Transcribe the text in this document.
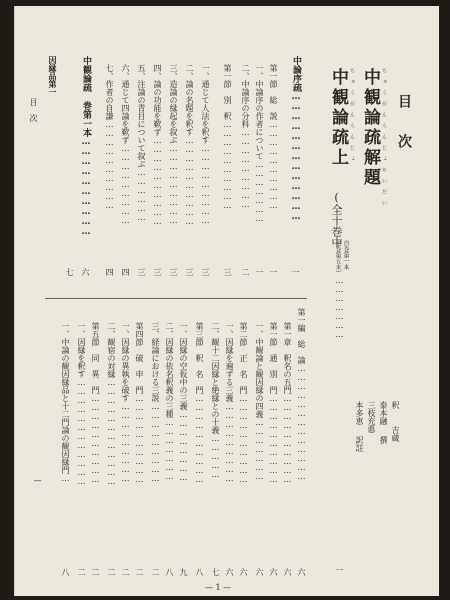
目次
中観論疏解題 ちゅうがんろんじょかいだい
中観論疏上 ちゅうがんろんじょ
(全十巻中
自巻第一本
至巻第五末）
…………………
一
泰本融
三枝充悳
本多恵	釈
吉蔵
撰
訳註
中論序疏…………………………………
第一節　総　説…………………………
一、中論序の作者について…………………
二、中論序の分科………………………
第一節　別　釈…………………………
一、通じて人法を釈す………………………
二、論の名題を釈す…………………………
三、造論の縁起を叙ぶ………………………
四、論の功能を歎ず…………………………
五、注論の青目について叙ぶ………………
六、通じて四論を歎ず………………………
七、作者の自謙…………………………
中観論疏　巻第一本…………………………
因縁品第一
一
一
一
二
三
三
三
三
三
三
四
四
六
七
目次
第一編　総　論…………………………………
第一章　釈名の五門…………………………
第一節　通　別　門…………………………
一、中観論と観因縁の四義…………………
第二節　正　名　門…………………………
一、因縁を遍ずる三義………………………
二、観十二因縁と絶縁との十義……………
第三節　釈　名　門…………………………
一、因縁の空仮中の三義……………………
二、因縁の依名釈義の三種…………………
三、経論における三説………………………
第四節　破　申　門…………………………
一、因縁の異執を破す………………………
二、観宿の対縁………………………………
第五節　同　異　門…………………………
一、因縁を釈す………………………………
一、中論の観因縁品と十二門論の観因縁門…
六
六
六
六
六
六
七
八
九
八
二
二
二
二
二
二
八
—
— 1 —
